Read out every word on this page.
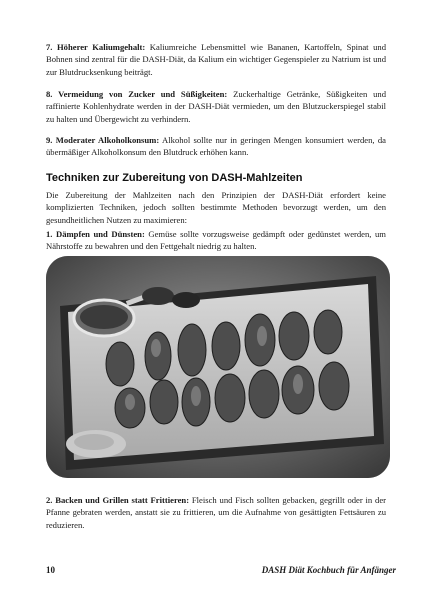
7. Höherer Kaliumgehalt: Kaliumreiche Lebensmittel wie Bananen, Kartoffeln, Spinat und Bohnen sind zentral für die DASH-Diät, da Kalium ein wichtiger Gegenspieler zu Natrium ist und zur Blutdrucksenkung beiträgt.

8. Vermeidung von Zucker und Süßigkeiten: Zuckerhaltige Getränke, Süßigkeiten und raffinierte Kohlenhydrate werden in der DASH-Diät vermieden, um den Blutzuckerspiegel stabil zu halten und Übergewicht zu verhindern.

9. Moderater Alkoholkonsum: Alkohol sollte nur in geringen Mengen konsumiert werden, da übermäßiger Alkoholkonsum den Blutdruck erhöhen kann.

Techniken zur Zubereitung von DASH-Mahlzeiten

Die Zubereitung der Mahlzeiten nach den Prinzipien der DASH-Diät erfordert keine komplizierten Techniken, jedoch sollten bestimmte Methoden bevorzugt werden, um den gesundheitlichen Nutzen zu maximieren:

1. Dämpfen und Dünsten: Gemüse sollte vorzugsweise gedämpft oder gedünstet werden, um Nährstoffe zu bewahren und den Fettgehalt niedrig zu halten.

2. Backen und Grillen statt Frittieren: Fleisch und Fisch sollten gebacken, gegrillt oder in der Pfanne gebraten werden, anstatt sie zu frittieren, um die Aufnahme von gesättigten Fettsäuren zu reduzieren.

10	DASH Diät Kochbuch für Anfänger
